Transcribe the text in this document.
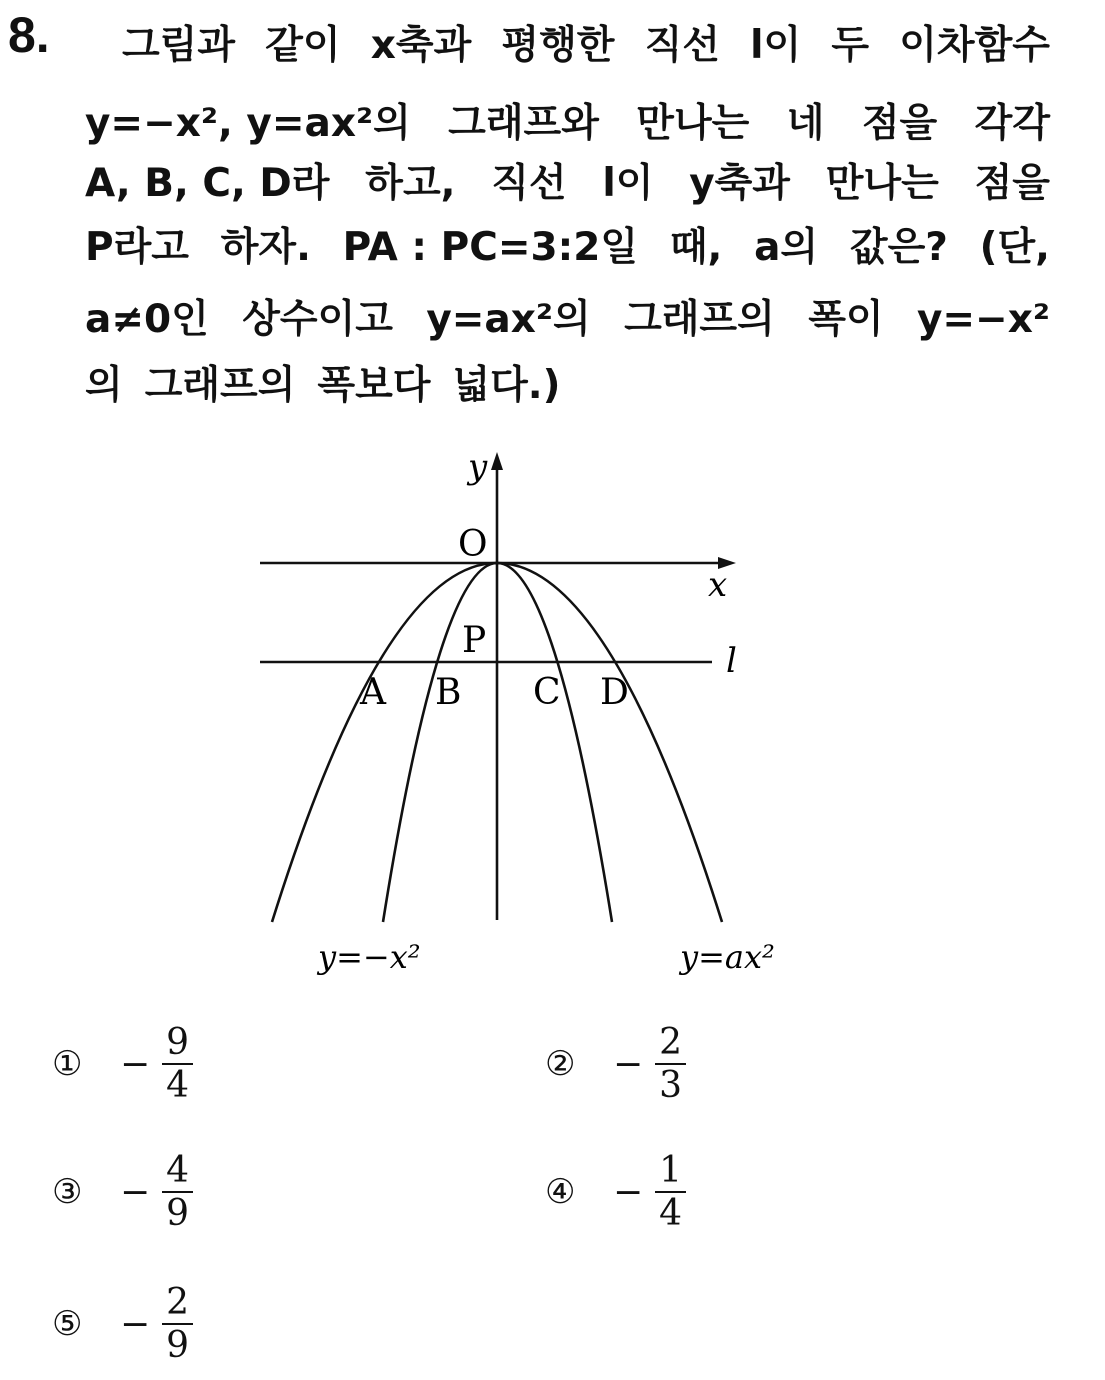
8. 그림과 같이 x축과 평행한 직선 l이 두 이차함수
y=−x², y=ax²의 그래프와 만나는 네 점을 각각
A, B, C, D라 하고, 직선 l이 y축과 만나는 점을
P라고 하자. PA : PC=3:2일 때, a의 값은? (단,
a≠0인 상수이고 y=ax²의 그래프의 폭이 y=−x²
의 그래프의 폭보다 넓다.)
y
x
O
l
P
A B C D
y=−x²	y=ax²
①	− $\frac{9}{4}$	②	− $\frac{2}{3}$
③	− $\frac{4}{9}$	④	− $\frac{1}{4}$
⑤	− $\frac{2}{9}$
